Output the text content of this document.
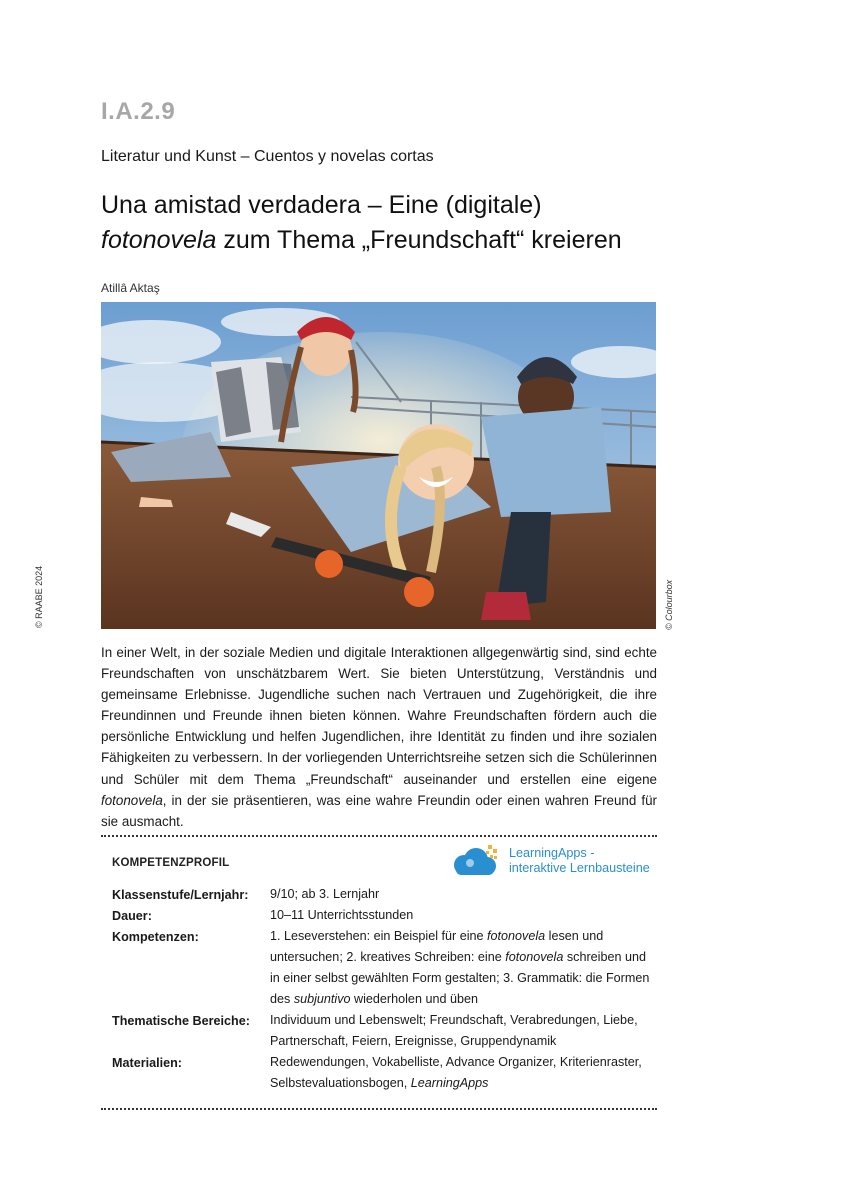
I.A.2.9
Literatur und Kunst – Cuentos y novelas cortas
Una amistad verdadera – Eine (digitale)
fotonovela zum Thema „Freundschaft“ kreieren
Atillâ Aktaş
© RAABE 2024	© Colourbox

In einer Welt, in der soziale Medien und digitale Interaktionen allgegenwärtig sind, sind echte Freundschaften von unschätzbarem Wert. Sie bieten Unterstützung, Verständnis und gemeinsame Erlebnisse. Jugendliche suchen nach Vertrauen und Zugehörigkeit, die ihre Freundinnen und Freunde ihnen bieten können. Wahre Freundschaften fördern auch die persönliche Entwicklung und helfen Jugendlichen, ihre Identität zu finden und ihre sozialen Fähigkeiten zu verbessern. In der vorliegenden Unterrichtsreihe setzen sich die Schülerinnen und Schüler mit dem Thema „Freundschaft“ auseinander und erstellen eine eigene fotonovela, in der sie präsentieren, was eine wahre Freundin oder einen wahren Freund für sie ausmacht.

KOMPETENZPROFIL
LearningApps -
interaktive Lernbausteine
Klassenstufe/Lernjahr: 9/10; ab 3. Lernjahr
Dauer:	10–11 Unterrichtsstunden
Kompetenzen:	1. Leseverstehen: ein Beispiel für eine fotonovela lesen und untersuchen; 2. kreatives Schreiben: eine fotonovela schreiben und in einer selbst gewählten Form gestalten; 3. Grammatik: die Formen des subjuntivo wiederholen und üben
Thematische Bereiche: Individuum und Lebenswelt; Freundschaft, Verabredungen, Liebe, Partnerschaft, Feiern, Ereignisse, Gruppendynamik
Materialien:	Redewendungen, Vokabelliste, Advance Organizer, Kriterienraster, Selbstevaluationsbogen, LearningApps
